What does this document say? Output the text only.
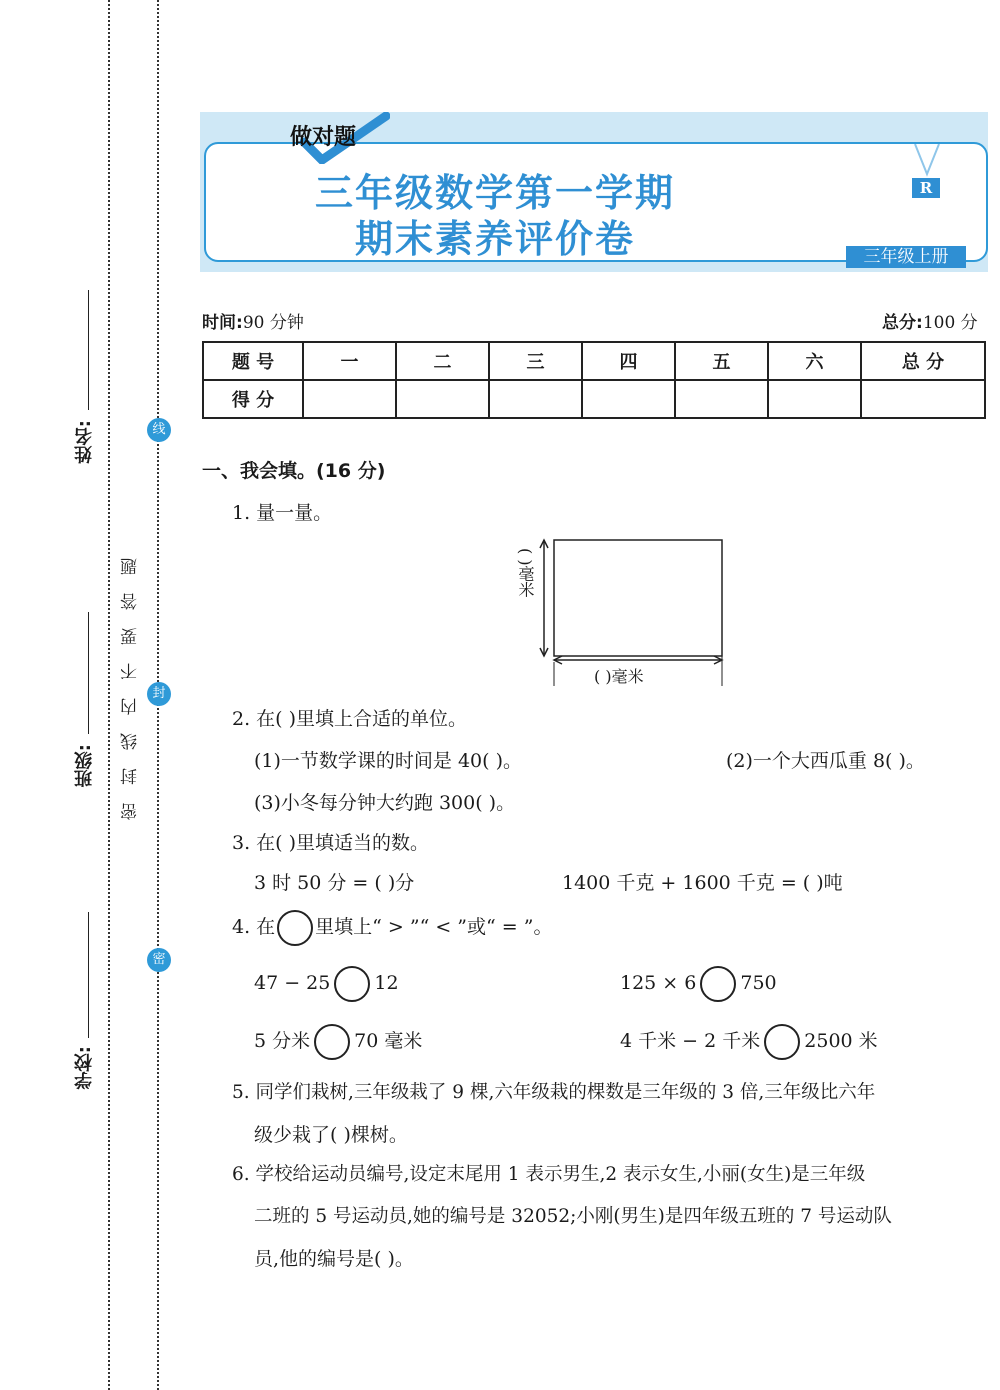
姓名:
班级:
学校:
密封线内不要答题
线
封
密
做对题
三年级数学第一学期
期末素养评价卷
R
三年级上册
时间:90 分钟	总分:100 分
题 号	一	二	三	四	五	六	总 分
得 分							
一、我会填。(16 分)
1. 量一量。
( )毫米
( )毫米
2. 在( )里填上合适的单位。
(1)一节数学课的时间是 40( )。	(2)一个大西瓜重 8( )。
(3)小冬每分钟大约跑 300( )。
3. 在( )里填适当的数。
3 时 50 分 = ( )分	1400 千克 + 1600 千克 = ( )吨
4. 在 里填上“ > ”“ < ”或“ = ”。
47 − 25 12	125 × 6 750
5 分米 70 毫米	4 千米 − 2 千米 2500 米
5. 同学们栽树,三年级栽了 9 棵,六年级栽的棵数是三年级的 3 倍,三年级比六年
级少栽了( )棵树。
6. 学校给运动员编号,设定末尾用 1 表示男生,2 表示女生,小丽(女生)是三年级
二班的 5 号运动员,她的编号是 32052;小刚(男生)是四年级五班的 7 号运动队
员,他的编号是( )。
